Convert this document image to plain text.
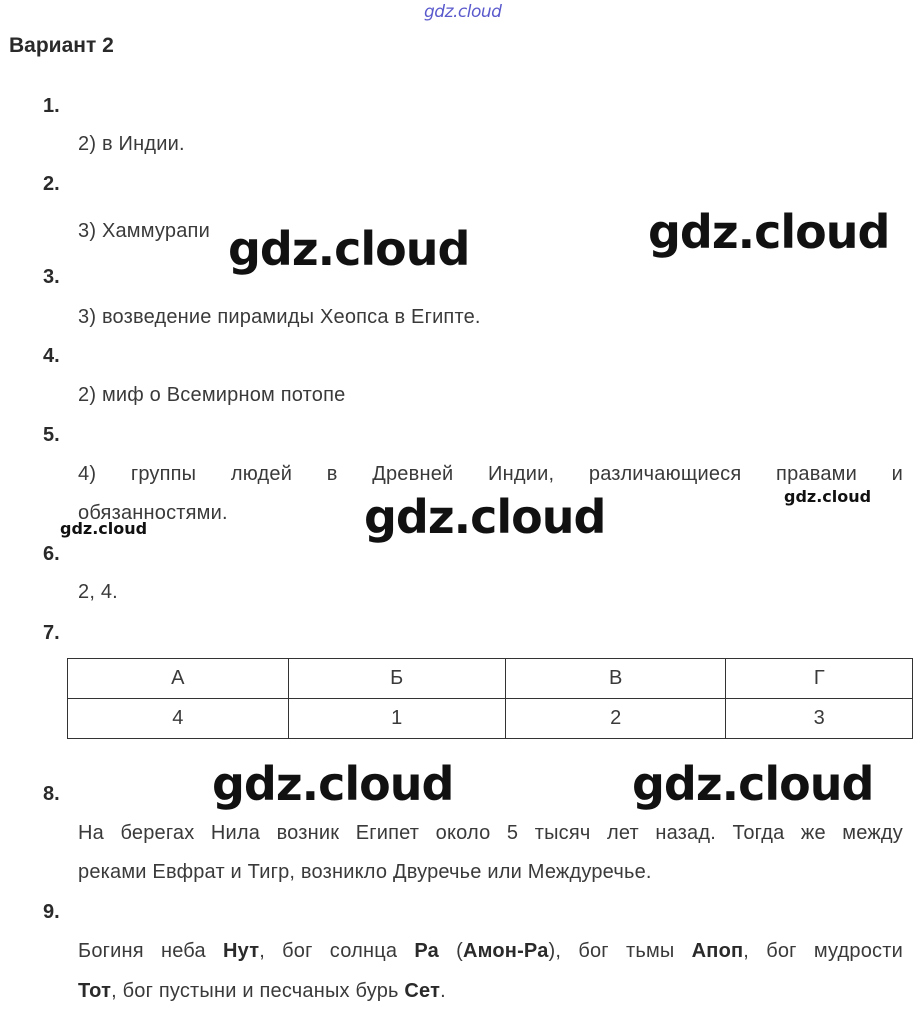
gdz.cloud
Вариант 2
1.
2) в Индии.
2.
3) Хаммурапи
3.
3) возведение пирамиды Хеопса в Египте.
4.
2) миф о Всемирном потопе
5.
4) группы людей в Древней Индии, различающиеся правами и
обязанностями.
6.
2, 4.
7.
А	Б	В	Г
4	1	2	3
8.
На берегах Нила возник Египет около 5 тысяч лет назад. Тогда же между
реками Евфрат и Тигр, возникло Двуречье или Междуречье.
9.
Богиня неба Нут, бог солнца Ра (Амон-Ра), бог тьмы Апоп, бог мудрости
Тот, бог пустыни и песчаных бурь Сет.
gdz.cloud	gdz.cloud
gdz.cloud	gdz.cloud
gdz.cloud
gdz.cloud	gdz.cloud
